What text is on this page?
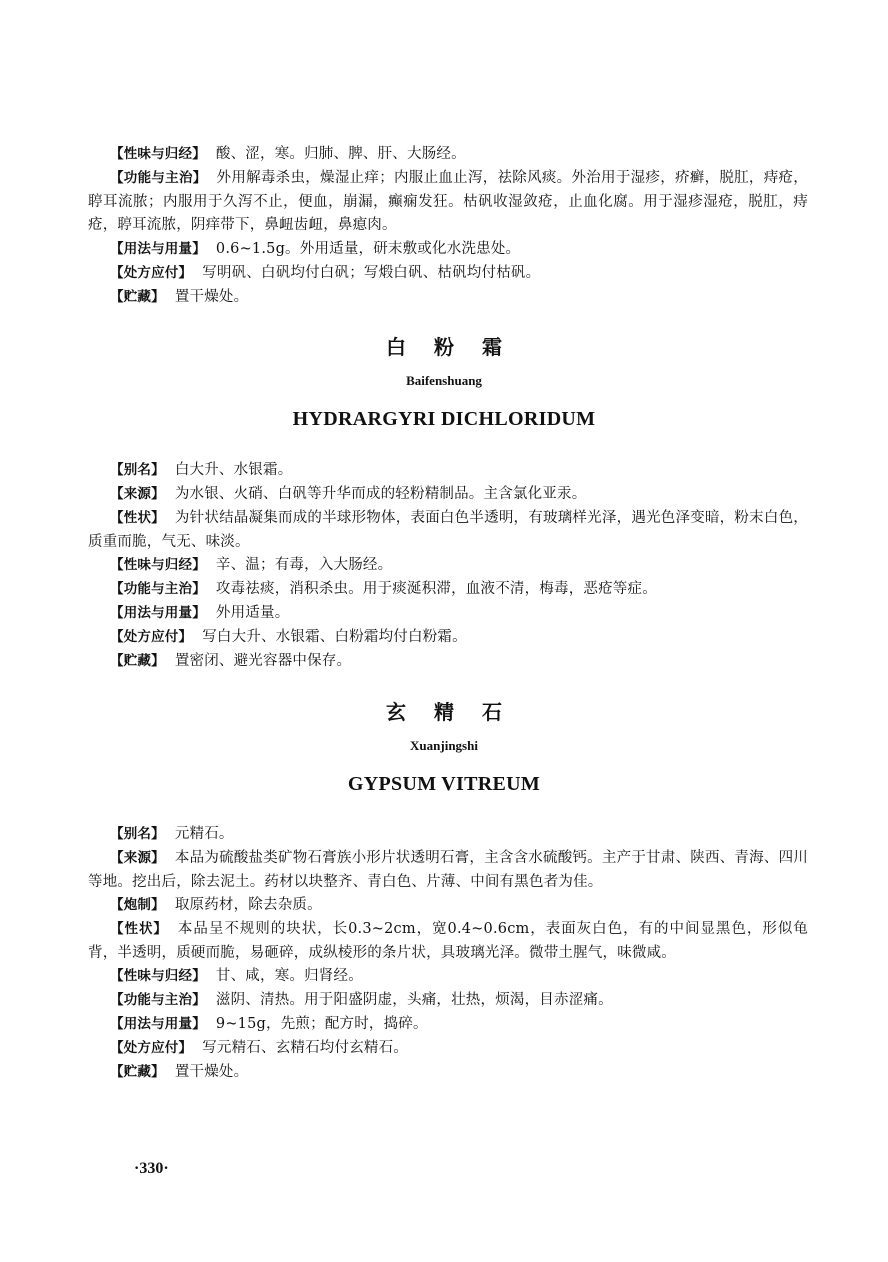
【性味与归经】 酸、涩，寒。归肺、脾、肝、大肠经。
【功能与主治】 外用解毒杀虫，燥湿止痒；内服止血止泻，祛除风痰。外治用于湿疹，疥癣，脱肛，痔疮，聤耳流脓；内服用于久泻不止，便血，崩漏，癫痫发狂。枯矾收湿敛疮，止血化腐。用于湿疹湿疮，脱肛，痔疮，聤耳流脓，阴痒带下，鼻衄齿衄，鼻瘜肉。
【用法与用量】 0.6~1.5g。外用适量，研末敷或化水洗患处。
【处方应付】 写明矾、白矾均付白矾；写煅白矾、枯矾均付枯矾。
【贮藏】 置干燥处。
白粉霜
Baifenshuang
HYDRARGYRI DICHLORIDUM
【别名】 白大升、水银霜。
【来源】 为水银、火硝、白矾等升华而成的轻粉精制品。主含氯化亚汞。
【性状】 为针状结晶凝集而成的半球形物体，表面白色半透明，有玻璃样光泽，遇光色泽变暗，粉末白色，质重而脆，气无、味淡。
【性味与归经】 辛、温；有毒，入大肠经。
【功能与主治】 攻毒祛痰，消积杀虫。用于痰涎积滞，血液不清，梅毒，恶疮等症。
【用法与用量】 外用适量。
【处方应付】 写白大升、水银霜、白粉霜均付白粉霜。
【贮藏】 置密闭、避光容器中保存。
玄精石
Xuanjingshi
GYPSUM VITREUM
【别名】 元精石。
【来源】 本品为硫酸盐类矿物石膏族小形片状透明石膏，主含含水硫酸钙。主产于甘肃、陕西、青海、四川等地。挖出后，除去泥土。药材以块整齐、青白色、片薄、中间有黑色者为佳。
【炮制】 取原药材，除去杂质。
【性状】 本品呈不规则的块状，长0.3~2cm，宽0.4~0.6cm，表面灰白色，有的中间显黑色，形似龟背，半透明，质硬而脆，易砸碎，成纵棱形的条片状，具玻璃光泽。微带土腥气，味微咸。
【性味与归经】 甘、咸，寒。归肾经。
【功能与主治】 滋阴、清热。用于阳盛阴虚，头痛，壮热，烦渴，目赤涩痛。
【用法与用量】 9~15g，先煎；配方时，捣碎。
【处方应付】 写元精石、玄精石均付玄精石。
【贮藏】 置干燥处。
·330·
